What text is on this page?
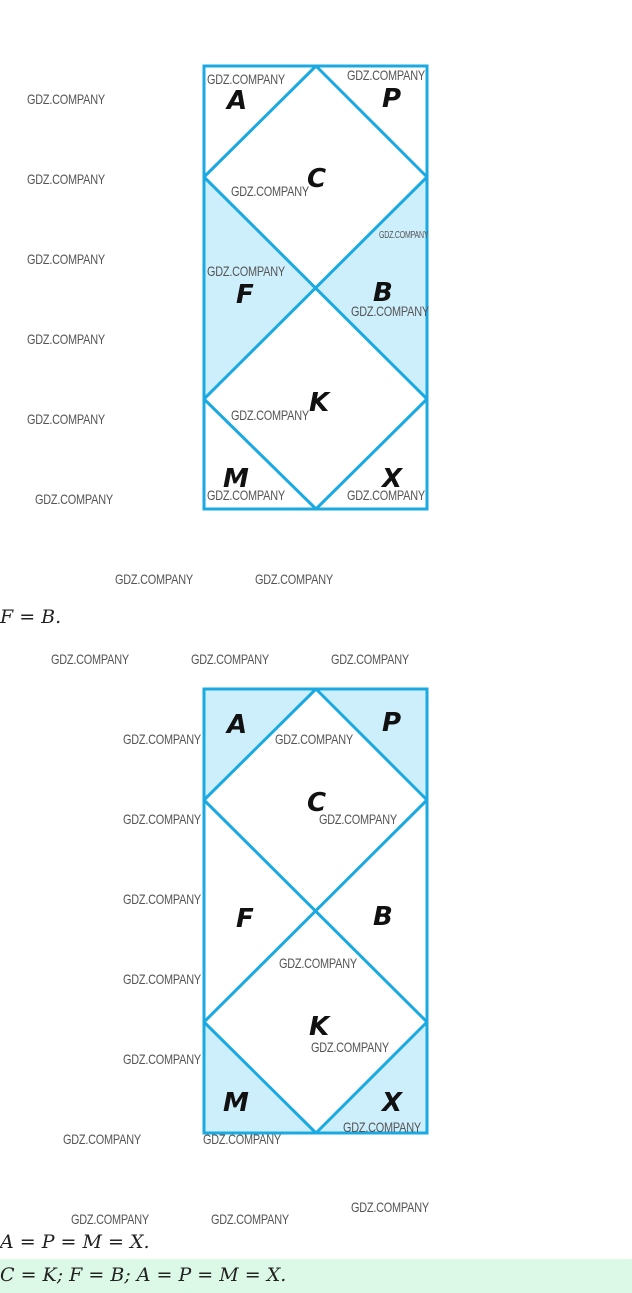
GDZ.COMPANY
GDZ.COMPANY
GDZ.COMPANY
GDZ.COMPANY
GDZ.COMPANY
GDZ.COMPANY
A	P
C
F	B
K
M	X
GDZ.COMPANY	GDZ.COMPANY
GDZ.COMPANY
GDZ.COMPANY
GDZ.COMPANY
GDZ.COMPANY
GDZ.COMPANY
GDZ.COMPANY	GDZ.COMPANY
GDZ.COMPANY	GDZ.COMPANY
F = B.
GDZ.COMPANY	GDZ.COMPANY	GDZ.COMPANY
A	P
C
F	B
K
M	X
GDZ.COMPANY
GDZ.COMPANY
GDZ.COMPANY
GDZ.COMPANY
GDZ.COMPANY
GDZ.COMPANY
GDZ.COMPANY
GDZ.COMPANY
GDZ.COMPANY
GDZ.COMPANY
GDZ.COMPANY
GDZ.COMPANY
GDZ.COMPANY
GDZ.COMPANY	GDZ.COMPANY
A = P = M = X.
C = K; F = B; A = P = M = X.
